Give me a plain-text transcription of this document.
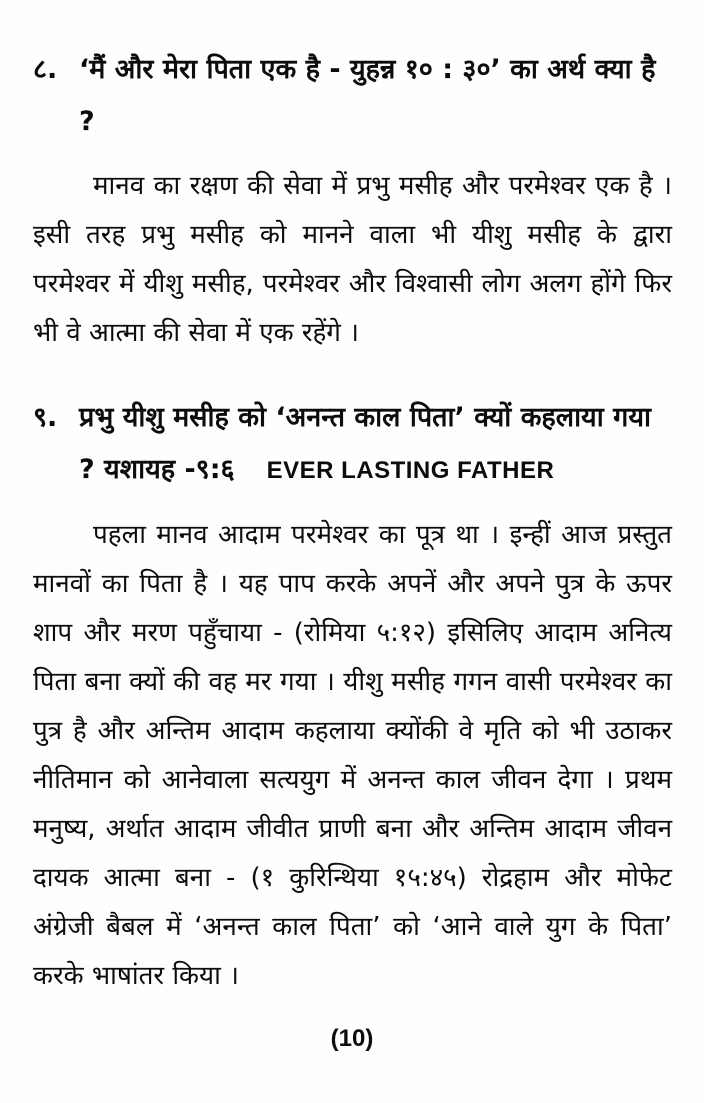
८. ‘मैं और मेरा पिता एक है - युहन्न १० : ३०’ का अर्थ क्या है ?

मानव का रक्षण की सेवा में प्रभु मसीह और परमेश्वर एक है । इसी तरह प्रभु मसीह को मानने वाला भी यीशु मसीह के द्वारा परमेश्वर में यीशु मसीह, परमेश्वर और विश्वासी लोग अलग होंगे फिर भी वे आत्मा की सेवा में एक रहेंगे ।

९. प्रभु यीशु मसीह को ‘अनन्त काल पिता’ क्यों कहलाया गया ? यशायह -९:६ EVER LASTING FATHER

पहला मानव आदाम परमेश्वर का पूत्र था । इन्हीं आज प्रस्तुत मानवों का पिता है । यह पाप करके अपनें और अपने पुत्र के ऊपर शाप और मरण पहुँचाया - (रोमिया ५:१२) इसिलिए आदाम अनित्य पिता बना क्यों की वह मर गया । यीशु मसीह गगन वासी परमेश्वर का पुत्र है और अन्तिम आदाम कहलाया क्योंकी वे मृति को भी उठाकर नीतिमान को आनेवाला सत्ययुग में अनन्त काल जीवन देगा । प्रथम मनुष्य, अर्थात आदाम जीवीत प्राणी बना और अन्तिम आदाम जीवन दायक आत्मा बना - (१ कुरिन्थिया १५:४५) रोद्रहाम और मोफेट अंग्रेजी बैबल में ‘अनन्त काल पिता’ को ‘आने वाले युग के पिता’ करके भाषांतर किया ।

(10)
